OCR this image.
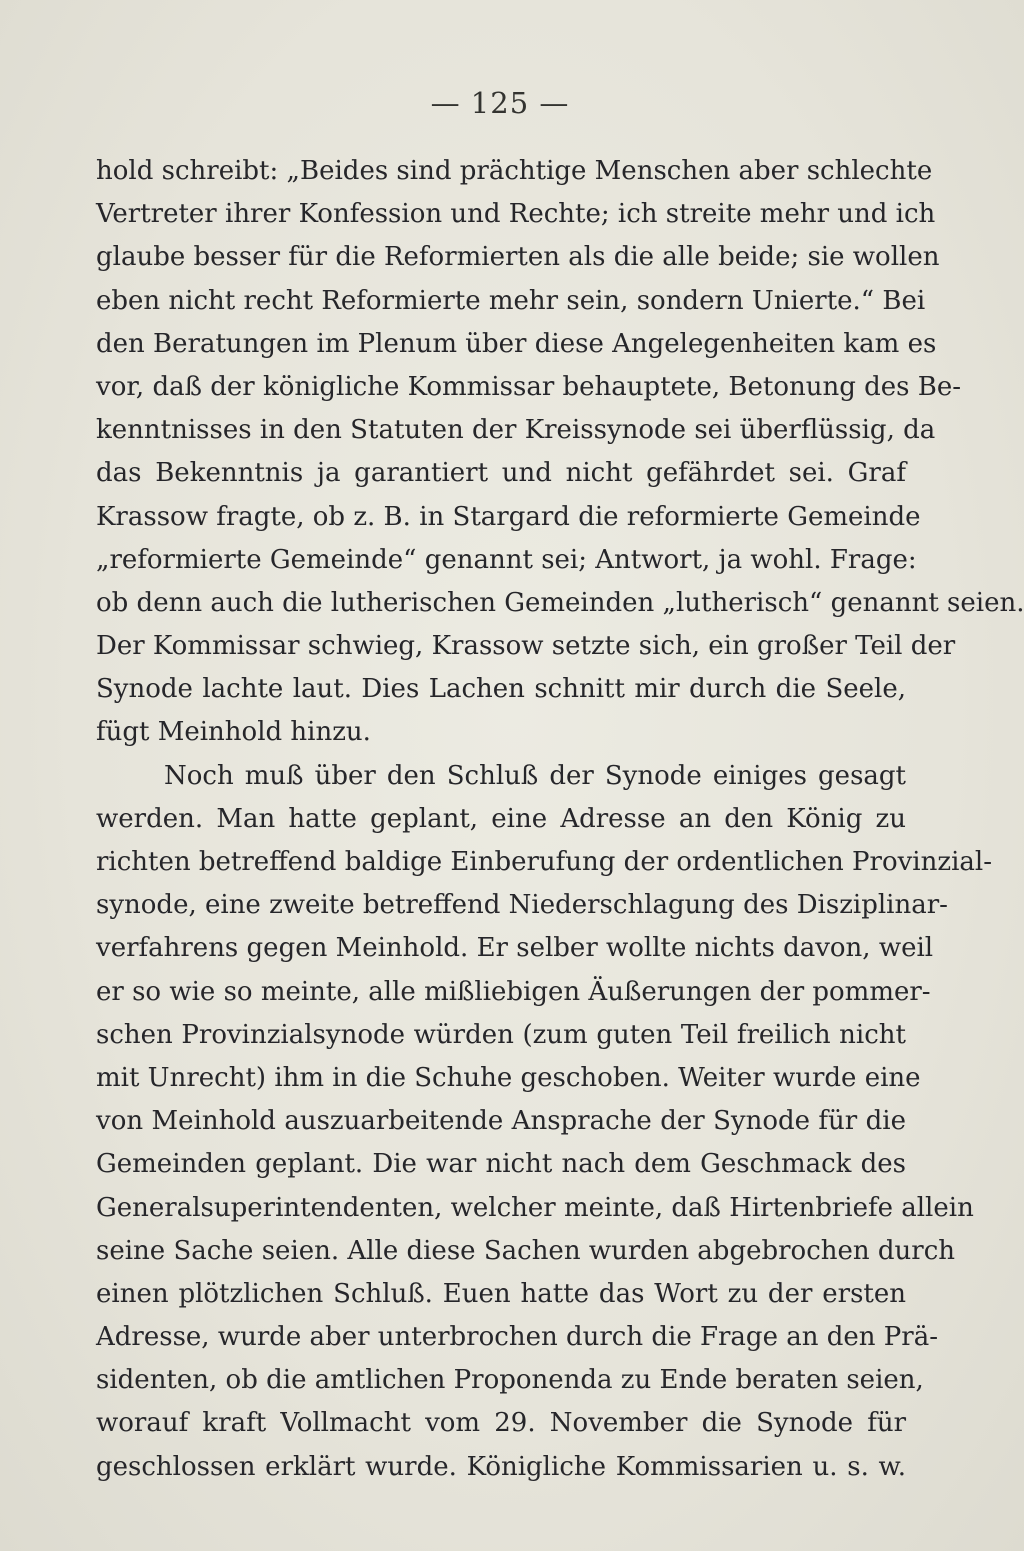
— 125 —
hold schreibt: „Beides sind prächtige Menschen aber schlechte
Vertreter ihrer Konfession und Rechte; ich streite mehr und ich
glaube besser für die Reformierten als die alle beide; sie wollen
eben nicht recht Reformierte mehr sein, sondern Unierte.“ Bei
den Beratungen im Plenum über diese Angelegenheiten kam es
vor, daß der königliche Kommissar behauptete, Betonung des Be-
kenntnisses in den Statuten der Kreissynode sei überflüssig, da
das Bekenntnis ja garantiert und nicht gefährdet sei. Graf
Krassow fragte, ob z. B. in Stargard die reformierte Gemeinde
„reformierte Gemeinde“ genannt sei; Antwort, ja wohl. Frage:
ob denn auch die lutherischen Gemeinden „lutherisch“ genannt seien.
Der Kommissar schwieg, Krassow setzte sich, ein großer Teil der
Synode lachte laut. Dies Lachen schnitt mir durch die Seele,
fügt Meinhold hinzu.
Noch muß über den Schluß der Synode einiges gesagt
werden. Man hatte geplant, eine Adresse an den König zu
richten betreffend baldige Einberufung der ordentlichen Provinzial-
synode, eine zweite betreffend Niederschlagung des Disziplinar-
verfahrens gegen Meinhold. Er selber wollte nichts davon, weil
er so wie so meinte, alle mißliebigen Äußerungen der pommer-
schen Provinzialsynode würden (zum guten Teil freilich nicht
mit Unrecht) ihm in die Schuhe geschoben. Weiter wurde eine
von Meinhold auszuarbeitende Ansprache der Synode für die
Gemeinden geplant. Die war nicht nach dem Geschmack des
Generalsuperintendenten, welcher meinte, daß Hirtenbriefe allein
seine Sache seien. Alle diese Sachen wurden abgebrochen durch
einen plötzlichen Schluß. Euen hatte das Wort zu der ersten
Adresse, wurde aber unterbrochen durch die Frage an den Prä-
sidenten, ob die amtlichen Proponenda zu Ende beraten seien,
worauf kraft Vollmacht vom 29. November die Synode für
geschlossen erklärt wurde. Königliche Kommissarien u. s. w.
